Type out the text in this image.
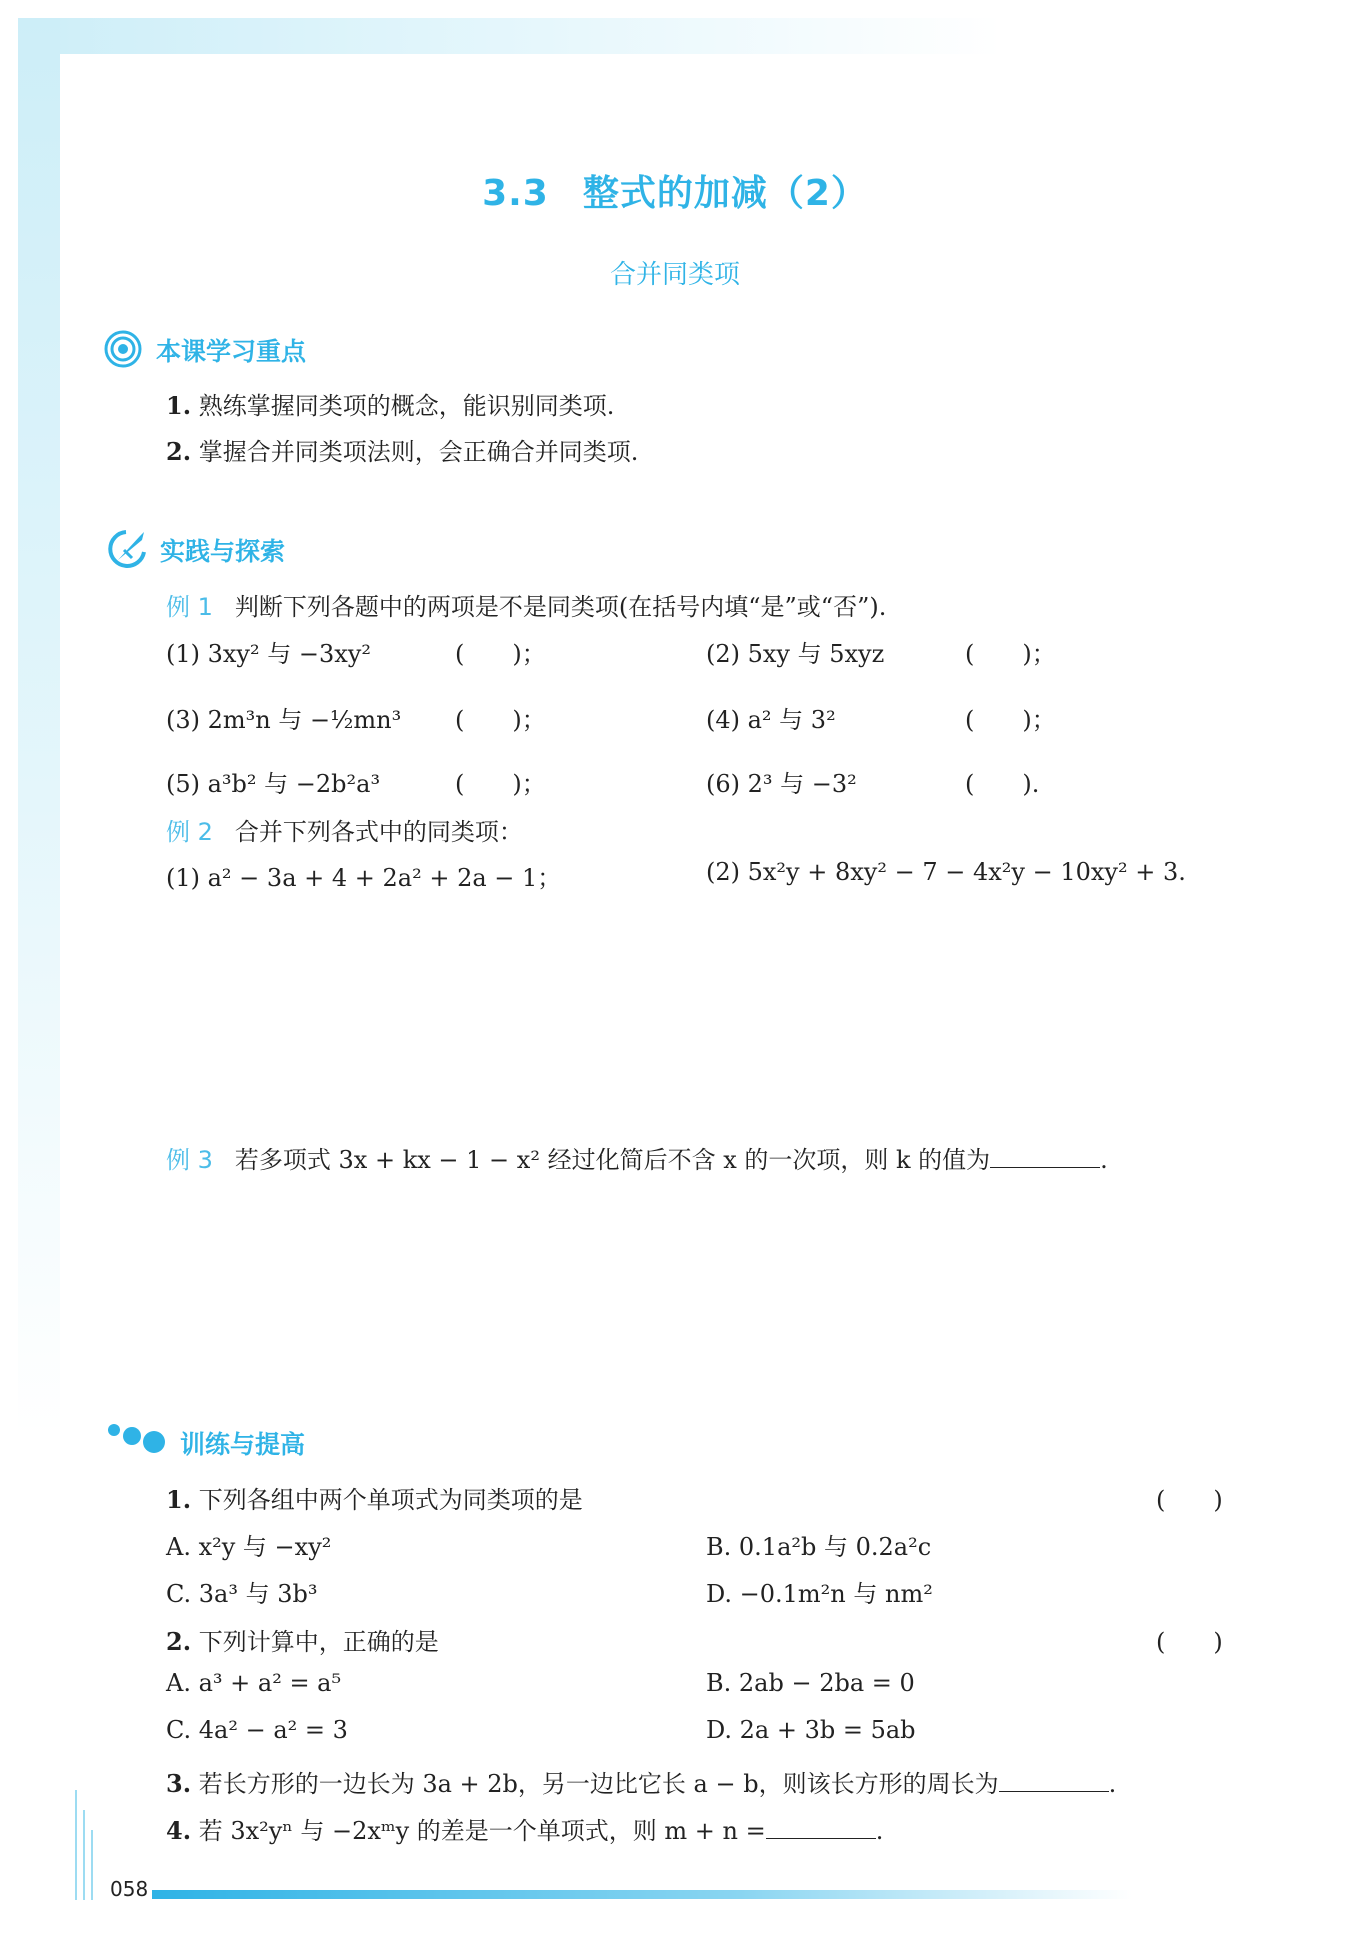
3.3 整式的加减（2）
合并同类项
本课学习重点
1. 熟练掌握同类项的概念，能识别同类项.
2. 掌握合并同类项法则，会正确合并同类项.
实践与探索
例 1 判断下列各题中的两项是不是同类项(在括号内填“是”或“否”).
(1) 3xy² 与 −3xy²	(　　)；	(2) 5xy 与 5xyz	(　　)；
(3) 2m³n 与 −½mn³ (　　)；	(4) a² 与 3²	(　　)；
(5) a³b² 与 −2b²a³	(　　)；	(6) 2³ 与 −3²	(　　).
例 2 合并下列各式中的同类项：
(1) a² − 3a + 4 + 2a² + 2a − 1；	(2) 5x²y + 8xy² − 7 − 4x²y − 10xy² + 3.
例 3 若多项式 3x + kx − 1 − x² 经过化简后不含 x 的一次项，则 k 的值为	.
训练与提高
1. 下列各组中两个单项式为同类项的是	(　　)
A. x²y 与 −xy²	B. 0.1a²b 与 0.2a²c
C. 3a³ 与 3b³	D. −0.1m²n 与 nm²
2. 下列计算中，正确的是	(　　)
A. a³ + a² = a⁵	B. 2ab − 2ba = 0
C. 4a² − a² = 3	D. 2a + 3b = 5ab
3. 若长方形的一边长为 3a + 2b，另一边比它长 a − b，则该长方形的周长为	.
4. 若 3x²yⁿ 与 −2xᵐy 的差是一个单项式，则 m + n =	.
058
